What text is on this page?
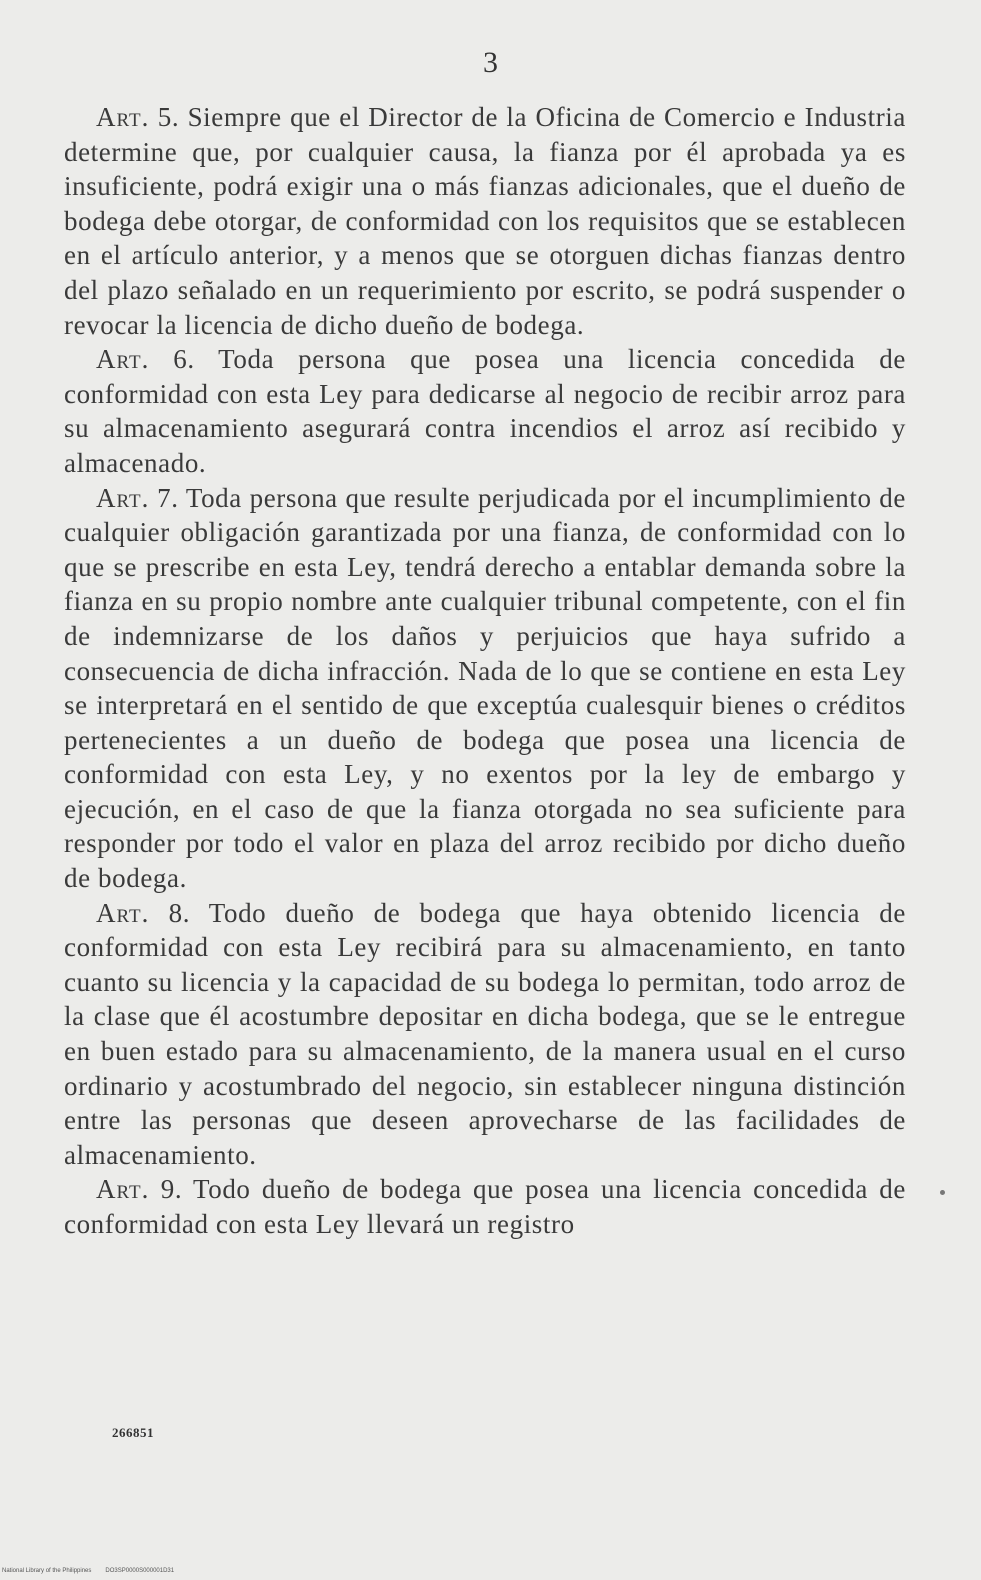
3

Art. 5. Siempre que el Director de la Oficina de Comercio e Industria determine que, por cualquier causa, la fianza por él aprobada ya es insuficiente, podrá exigir una o más fianzas adicionales, que el dueño de bodega debe otorgar, de conformidad con los requisitos que se establecen en el artículo anterior, y a menos que se otorguen dichas fianzas dentro del plazo señalado en un requerimiento por escrito, se podrá suspender o revocar la licencia de dicho dueño de bodega.

Art. 6. Toda persona que posea una licencia concedida de conformidad con esta Ley para dedicarse al negocio de recibir arroz para su almacenamiento asegurará contra incendios el arroz así recibido y almacenado.

Art. 7. Toda persona que resulte perjudicada por el incumplimiento de cualquier obligación garantizada por una fianza, de conformidad con lo que se prescribe en esta Ley, tendrá derecho a entablar demanda sobre la fianza en su propio nombre ante cualquier tribunal competente, con el fin de indemnizarse de los daños y perjuicios que haya sufrido a consecuencia de dicha infracción. Nada de lo que se contiene en esta Ley se interpretará en el sentido de que exceptúa cualesquir bienes o créditos pertenecientes a un dueño de bodega que posea una licencia de conformidad con esta Ley, y no exentos por la ley de embargo y ejecución, en el caso de que la fianza otorgada no sea suficiente para responder por todo el valor en plaza del arroz recibido por dicho dueño de bodega.

Art. 8. Todo dueño de bodega que haya obtenido licencia de conformidad con esta Ley recibirá para su almacenamiento, en tanto cuanto su licencia y la capacidad de su bodega lo permitan, todo arroz de la clase que él acostumbre depositar en dicha bodega, que se le entregue en buen estado para su almacenamiento, de la manera usual en el curso ordinario y acostumbrado del negocio, sin establecer ninguna distinción entre las personas que deseen aprovecharse de las facilidades de almacenamiento.

Art. 9. Todo dueño de bodega que posea una licencia concedida de conformidad con esta Ley llevará un registro

266851
National Library of the Philippines DO3SP0000S000001D31
